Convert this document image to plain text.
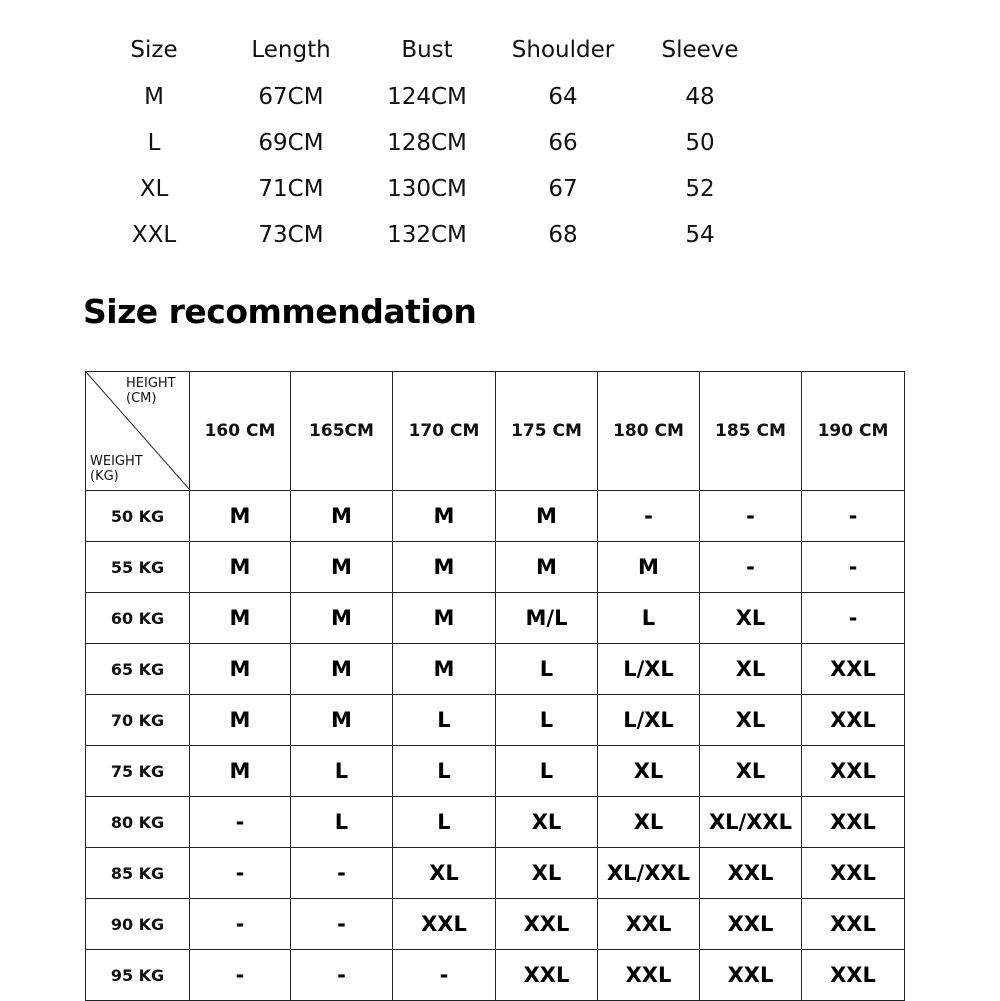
Size	Length	Bust	Shoulder	Sleeve
M	67CM	124CM	64	48
L	69CM	128CM	66	50
XL	71CM	130CM	67	52
XXL	73CM	132CM	68	54
Size recommendation
HEIGHT
(CM)
WEIGHT
(KG)	160 CM	165CM	170 CM	175 CM	180 CM	185 CM	190 CM
50 KG	M	M	M	M	-	-	-
55 KG	M	M	M	M	M	-	-
60 KG	M	M	M	M/L	L	XL	-
65 KG	M	M	M	L	L/XL	XL	XXL
70 KG	M	M	L	L	L/XL	XL	XXL
75 KG	M	L	L	L	XL	XL	XXL
80 KG	-	L	L	XL	XL	XL/XXL	XXL
85 KG	-	-	XL	XL	XL/XXL	XXL	XXL
90 KG	-	-	XXL	XXL	XXL	XXL	XXL
95 KG	-	-	-	XXL	XXL	XXL	XXL
